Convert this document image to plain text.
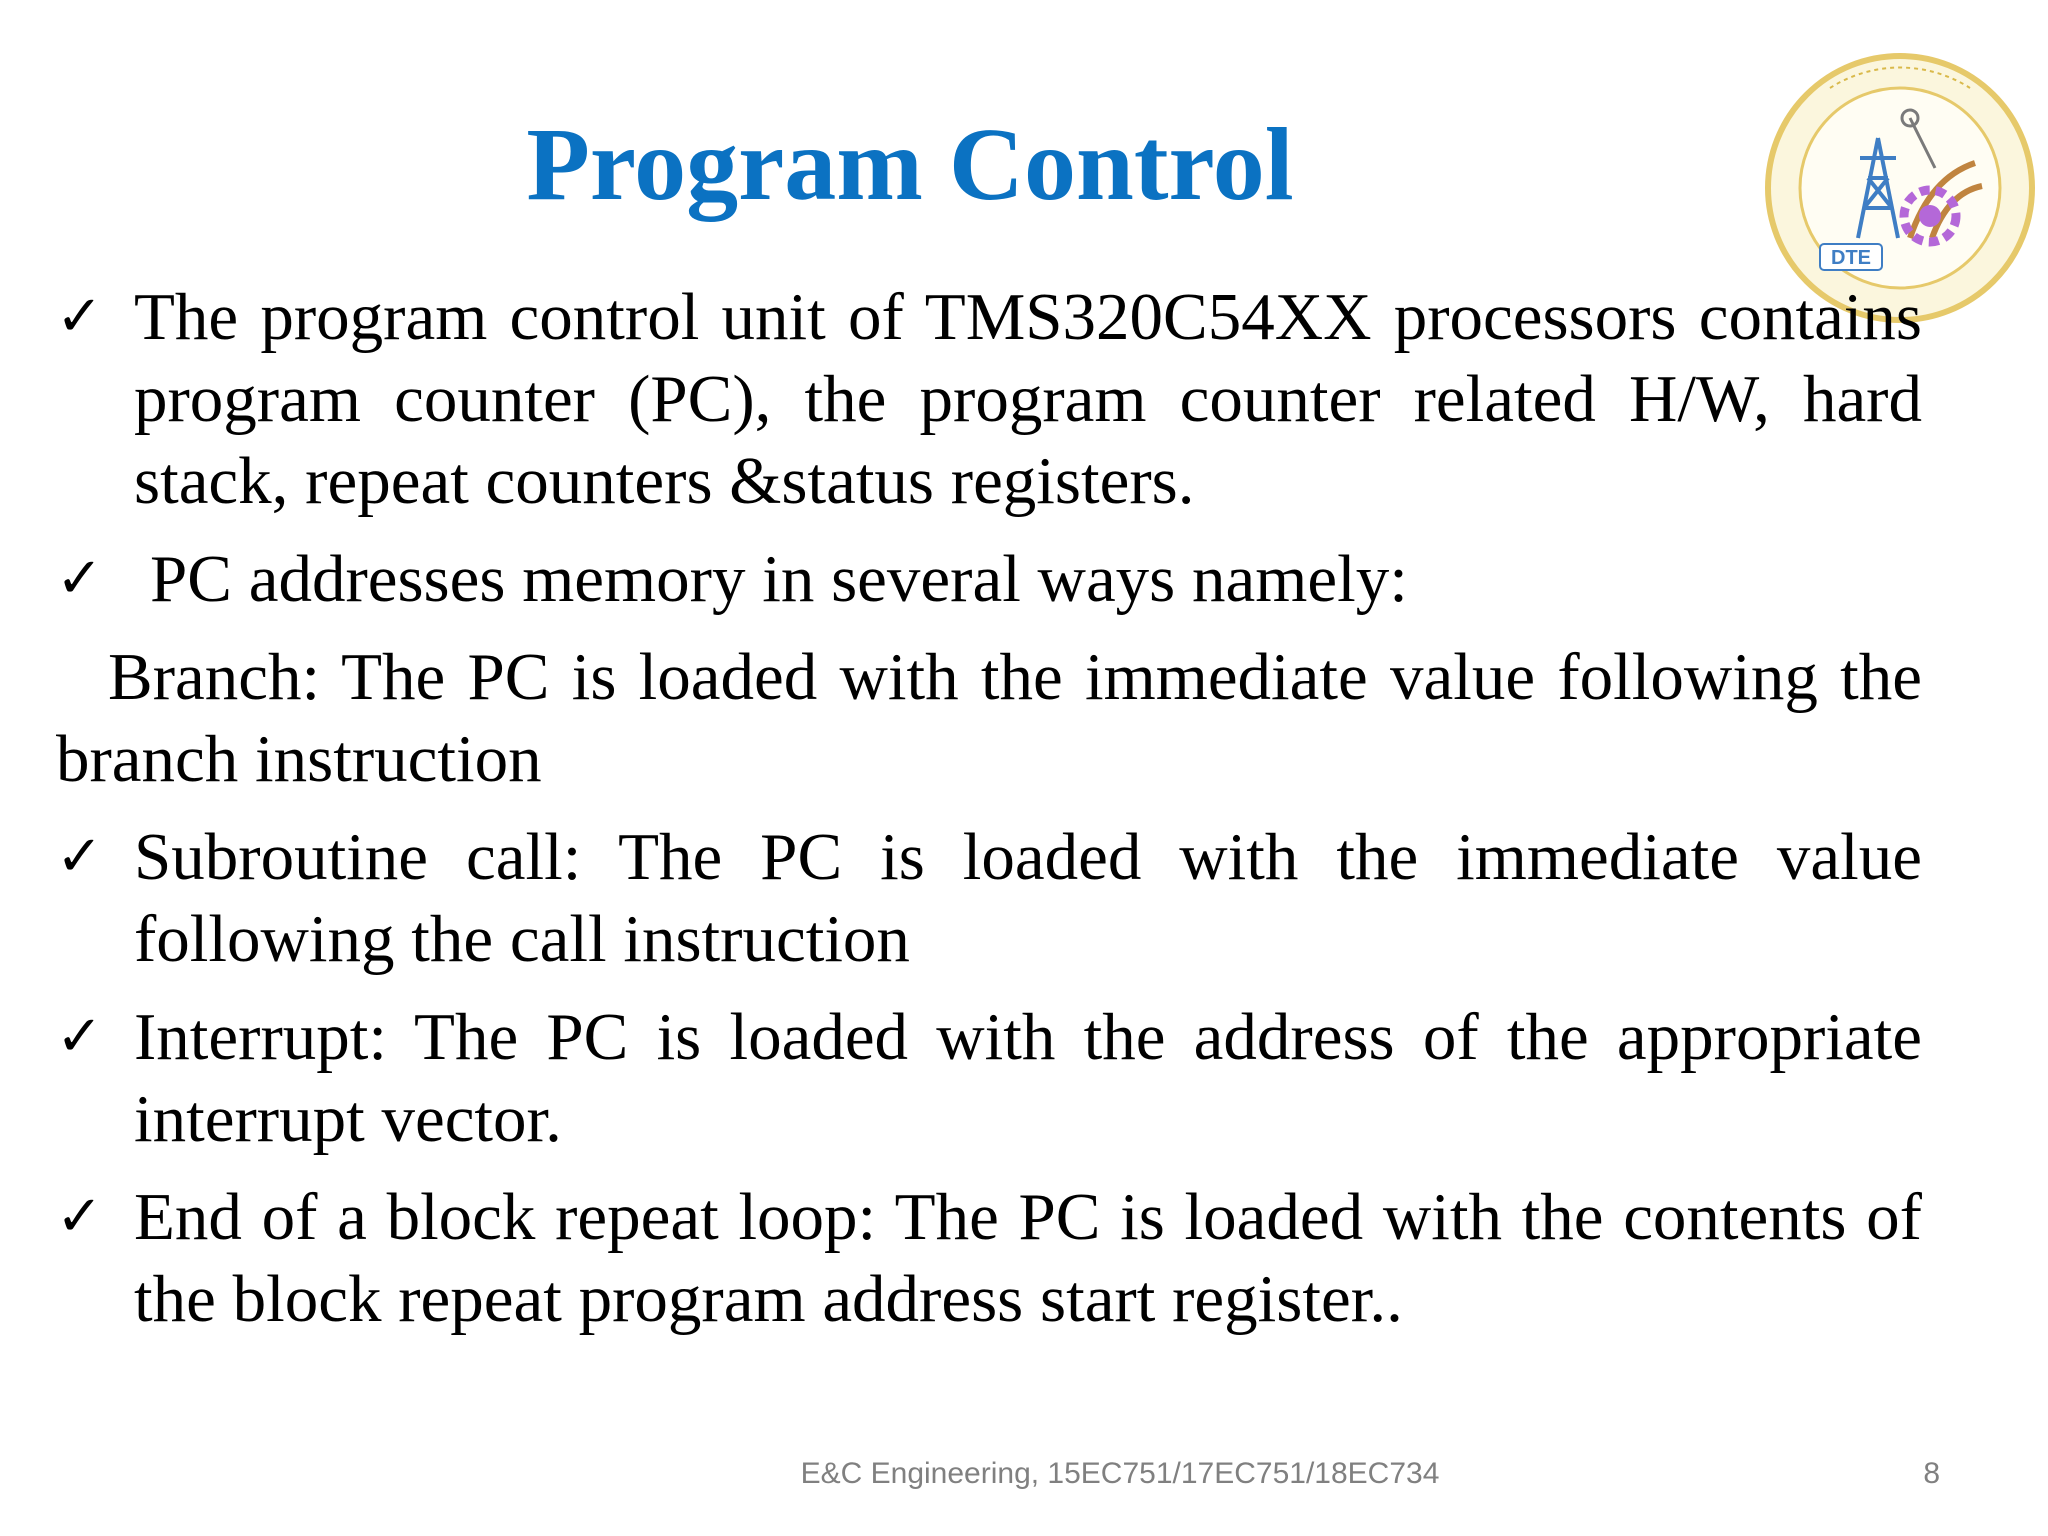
Program Control
DTE
✓ The program control unit of TMS320C54XX processors contains program counter (PC), the program counter related H/W, hard stack, repeat counters &status registers.
✓ PC addresses memory in several ways namely:

Branch: The PC is loaded with the immediate value following the branch instruction

✓ Subroutine call: The PC is loaded with the immediate value following the call instruction
✓ Interrupt: The PC is loaded with the address of the appropriate interrupt vector.
✓ End of a block repeat loop: The PC is loaded with the contents of the block repeat program address start register..
E&C Engineering, 15EC751/17EC751/18EC734	8
